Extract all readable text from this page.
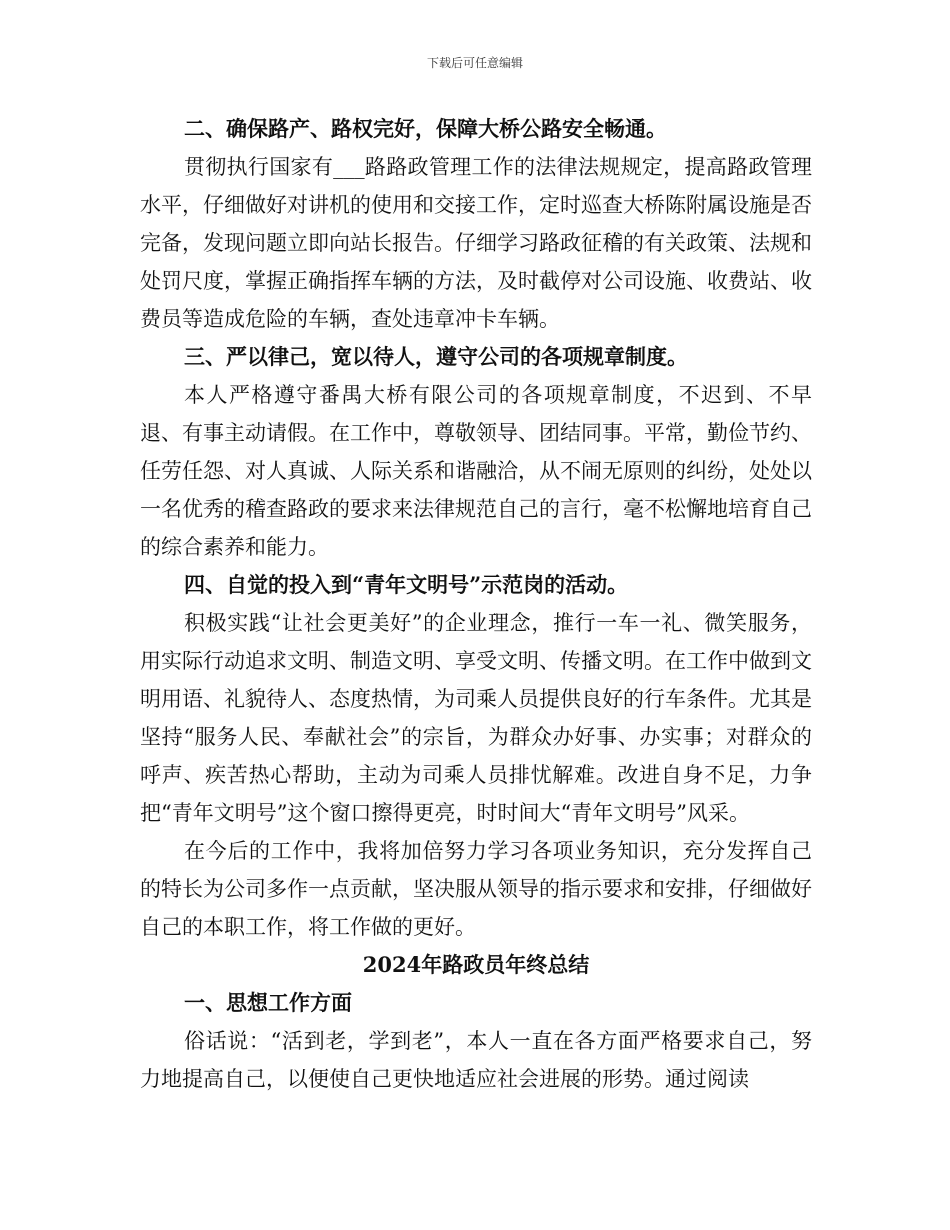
下载后可任意编辑

二、确保路产、路权完好，保障大桥公路安全畅通。

贯彻执行国家有___路路政管理工作的法律法规规定，提高路政管理水平，仔细做好对讲机的使用和交接工作，定时巡查大桥陈附属设施是否完备，发现问题立即向站长报告。仔细学习路政征稽的有关政策、法规和处罚尺度，掌握正确指挥车辆的方法，及时截停对公司设施、收费站、收费员等造成危险的车辆，查处违章冲卡车辆。

三、严以律己，宽以待人，遵守公司的各项规章制度。

本人严格遵守番禺大桥有限公司的各项规章制度，不迟到、不早退、有事主动请假。在工作中，尊敬领导、团结同事。平常，勤俭节约、任劳任怨、对人真诚、人际关系和谐融洽，从不闹无原则的纠纷，处处以一名优秀的稽查路政的要求来法律规范自己的言行，毫不松懈地培育自己的综合素养和能力。

四、自觉的投入到“青年文明号”示范岗的活动。

积极实践“让社会更美好”的企业理念，推行一车一礼、微笑服务，用实际行动追求文明、制造文明、享受文明、传播文明。在工作中做到文明用语、礼貌待人、态度热情，为司乘人员提供良好的行车条件。尤其是坚持“服务人民、奉献社会”的宗旨，为群众办好事、办实事；对群众的呼声、疾苦热心帮助，主动为司乘人员排忧解难。改进自身不足，力争把“青年文明号”这个窗口擦得更亮，时时间大“青年文明号”风采。

在今后的工作中，我将加倍努力学习各项业务知识，充分发挥自己的特长为公司多作一点贡献，坚决服从领导的指示要求和安排，仔细做好自己的本职工作，将工作做的更好。

2024年路政员年终总结

一、思想工作方面

俗话说：“活到老，学到老”，本人一直在各方面严格要求自己，努力地提高自己，以便使自己更快地适应社会进展的形势。通过阅读
